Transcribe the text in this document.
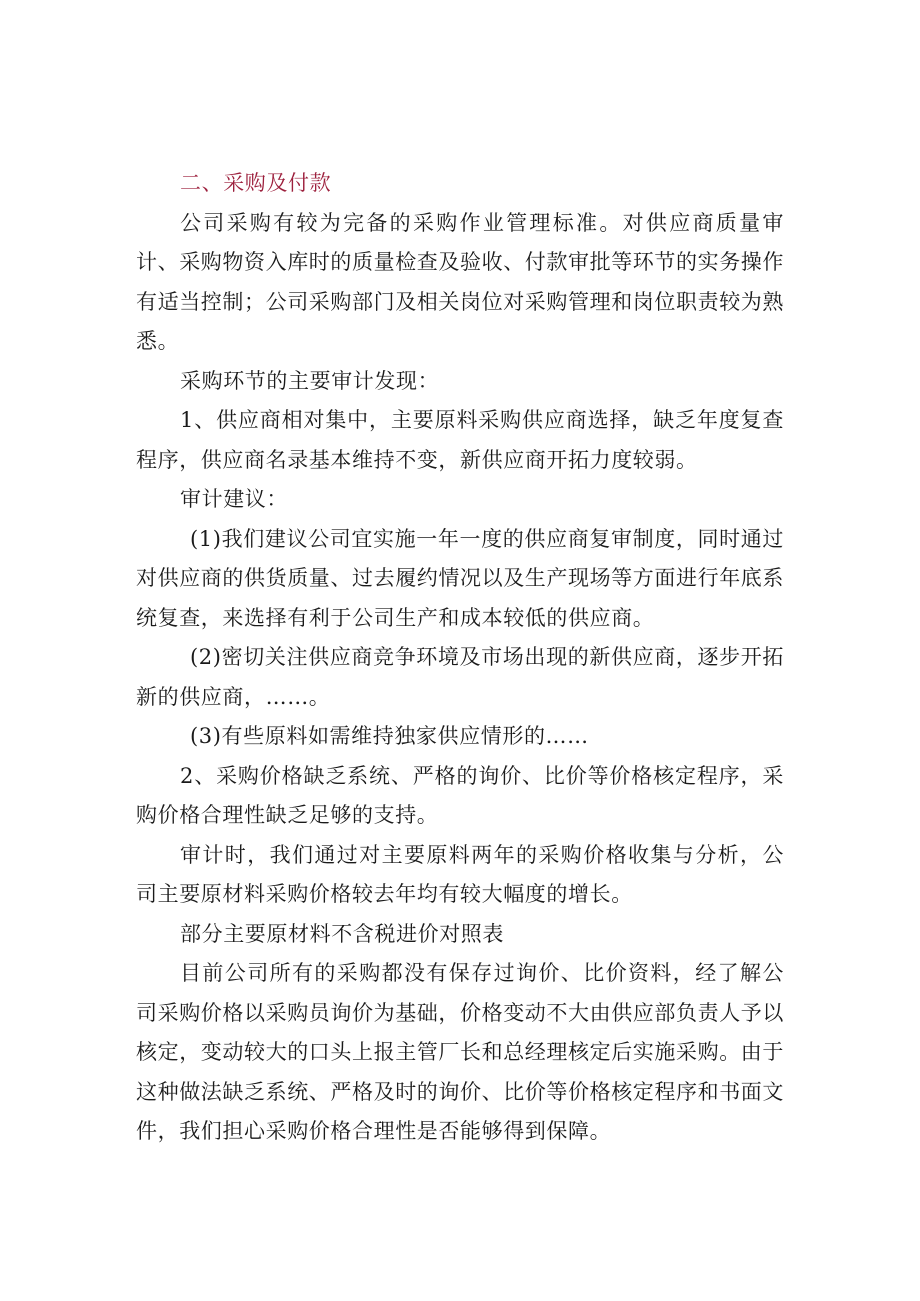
二、采购及付款

公司采购有较为完备的采购作业管理标准。对供应商质量审计、采购物资入库时的质量检查及验收、付款审批等环节的实务操作有适当控制；公司采购部门及相关岗位对采购管理和岗位职责较为熟悉。

采购环节的主要审计发现：

1、供应商相对集中，主要原料采购供应商选择，缺乏年度复查程序，供应商名录基本维持不变，新供应商开拓力度较弱。

审计建议：

(1)我们建议公司宜实施一年一度的供应商复审制度，同时通过对供应商的供货质量、过去履约情况以及生产现场等方面进行年底系统复查，来选择有利于公司生产和成本较低的供应商。

(2)密切关注供应商竞争环境及市场出现的新供应商，逐步开拓新的供应商，……。

(3)有些原料如需维持独家供应情形的……

2、采购价格缺乏系统、严格的询价、比价等价格核定程序，采购价格合理性缺乏足够的支持。

审计时，我们通过对主要原料两年的采购价格收集与分析，公司主要原材料采购价格较去年均有较大幅度的增长。

部分主要原材料不含税进价对照表

目前公司所有的采购都没有保存过询价、比价资料，经了解公司采购价格以采购员询价为基础，价格变动不大由供应部负责人予以核定，变动较大的口头上报主管厂长和总经理核定后实施采购。由于这种做法缺乏系统、严格及时的询价、比价等价格核定程序和书面文件，我们担心采购价格合理性是否能够得到保障。
